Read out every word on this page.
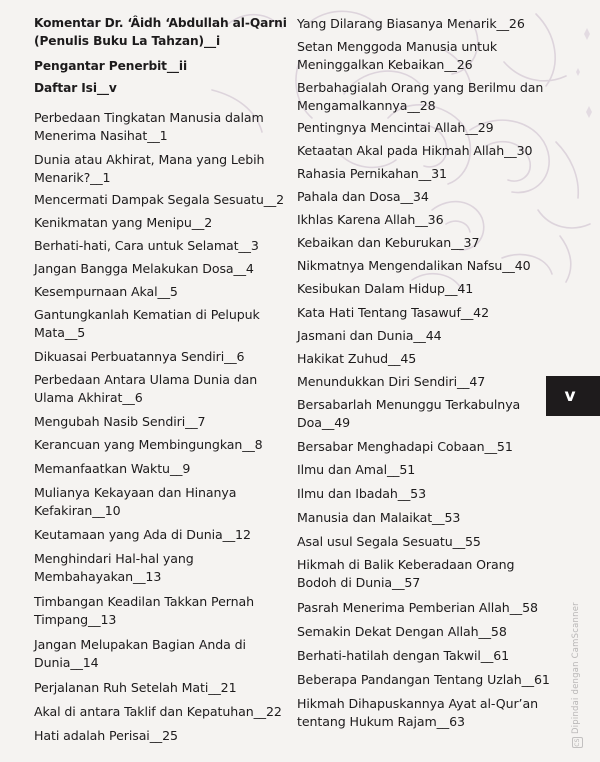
Komentar Dr. ‘Âidh ‘Abdullah al-Qarni
(Penulis Buku La Tahzan)__i
Pengantar Penerbit__ii
Daftar Isi__v
Perbedaan Tingkatan Manusia dalam
Menerima Nasihat__1
Dunia atau Akhirat, Mana yang Lebih
Menarik?__1
Mencermati Dampak Segala Sesuatu__2
Kenikmatan yang Menipu__2
Berhati-hati, Cara untuk Selamat__3
Jangan Bangga Melakukan Dosa__4
Kesempurnaan Akal__5
Gantungkanlah Kematian di Pelupuk
Mata__5
Dikuasai Perbuatannya Sendiri__6
Perbedaan Antara Ulama Dunia dan
Ulama Akhirat__6
Mengubah Nasib Sendiri__7
Kerancuan yang Membingungkan__8
Memanfaatkan Waktu__9
Mulianya Kekayaan dan Hinanya
Kefakiran__10
Keutamaan yang Ada di Dunia__12
Menghindari Hal-hal yang
Membahayakan__13
Timbangan Keadilan Takkan Pernah
Timpang__13
Jangan Melupakan Bagian Anda di
Dunia__14
Perjalanan Ruh Setelah Mati__21
Akal di antara Taklif dan Kepatuhan__22
Hati adalah Perisai__25
Yang Dilarang Biasanya Menarik__26
Setan Menggoda Manusia untuk
Meninggalkan Kebaikan__26
Berbahagialah Orang yang Berilmu dan
Mengamalkannya__28
Pentingnya Mencintai Allah__29
Ketaatan Akal pada Hikmah Allah__30
Rahasia Pernikahan__31
Pahala dan Dosa__34
Ikhlas Karena Allah__36
Kebaikan dan Keburukan__37
Nikmatnya Mengendalikan Nafsu__40
Kesibukan Dalam Hidup__41
Kata Hati Tentang Tasawuf__42
Jasmani dan Dunia__44
Hakikat Zuhud__45
Menundukkan Diri Sendiri__47
Bersabarlah Menunggu Terkabulnya
Doa__49
Bersabar Menghadapi Cobaan__51
Ilmu dan Amal__51
Ilmu dan Ibadah__53
Manusia dan Malaikat__53
Asal usul Segala Sesuatu__55
Hikmah di Balik Keberadaan Orang
Bodoh di Dunia__57
Pasrah Menerima Pemberian Allah__58
Semakin Dekat Dengan Allah__58
Berhati-hatilah dengan Takwil__61
Beberapa Pandangan Tentang Uzlah__61
Hikmah Dihapuskannya Ayat al-Qur’an
tentang Hukum Rajam__63
v
CSDipindai dengan CamScanner
